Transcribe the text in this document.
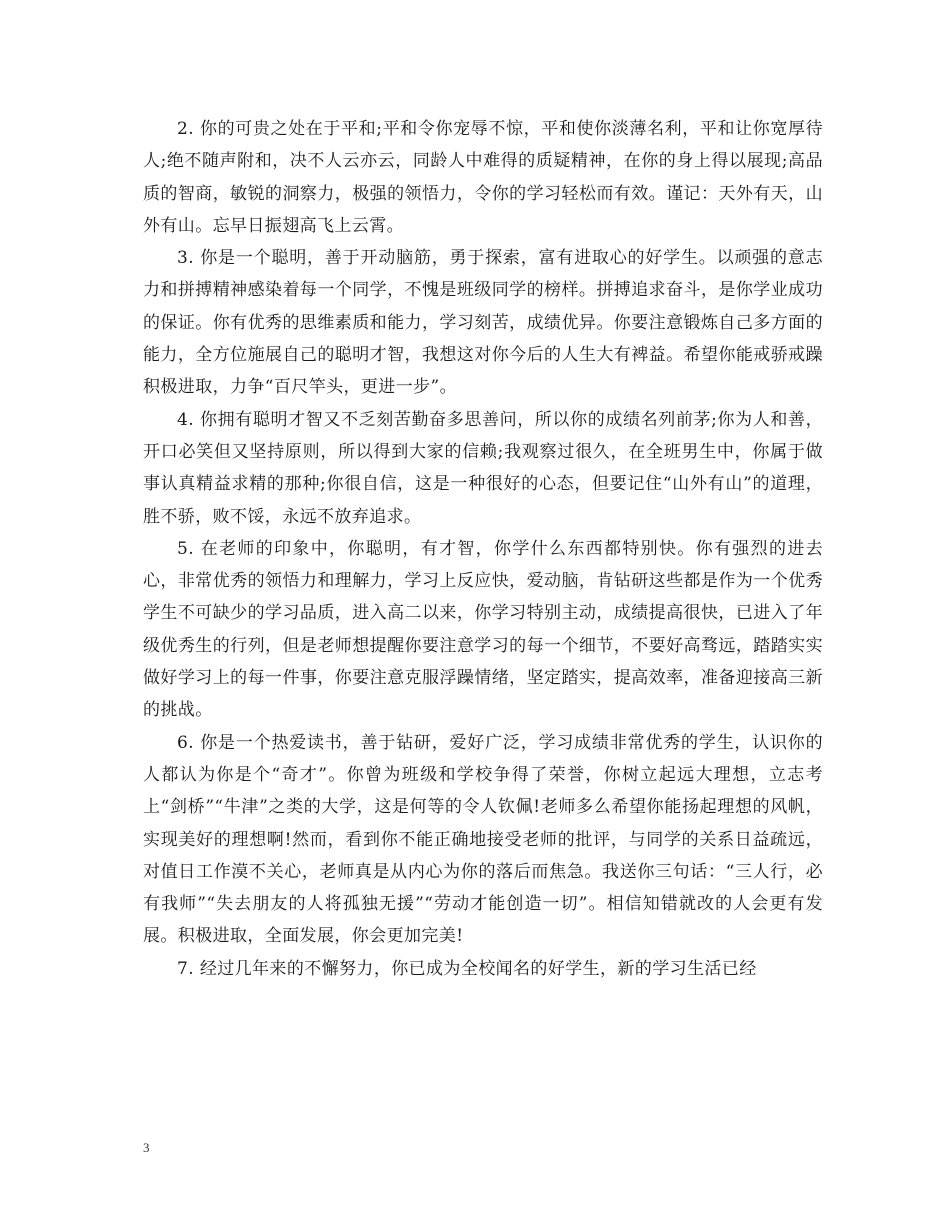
2. 你的可贵之处在于平和;平和令你宠辱不惊，平和使你淡薄名利，平和让你宽厚待人;绝不随声附和，决不人云亦云，同龄人中难得的质疑精神，在你的身上得以展现;高品质的智商，敏锐的洞察力，极强的领悟力，令你的学习轻松而有效。谨记：天外有天，山外有山。忘早日振翅高飞上云霄。

3. 你是一个聪明，善于开动脑筋，勇于探索，富有进取心的好学生。以顽强的意志力和拼搏精神感染着每一个同学，不愧是班级同学的榜样。拼搏追求奋斗，是你学业成功的保证。你有优秀的思维素质和能力，学习刻苦，成绩优异。你要注意锻炼自己多方面的能力，全方位施展自己的聪明才智，我想这对你今后的人生大有裨益。希望你能戒骄戒躁积极进取，力争“百尺竿头，更进一步”。

4. 你拥有聪明才智又不乏刻苦勤奋多思善问，所以你的成绩名列前茅;你为人和善，开口必笑但又坚持原则，所以得到大家的信赖;我观察过很久，在全班男生中，你属于做事认真精益求精的那种;你很自信，这是一种很好的心态，但要记住“山外有山”的道理，胜不骄，败不馁，永远不放弃追求。

5. 在老师的印象中，你聪明，有才智，你学什么东西都特别快。你有强烈的进去心，非常优秀的领悟力和理解力，学习上反应快，爱动脑，肯钻研这些都是作为一个优秀学生不可缺少的学习品质，进入高二以来，你学习特别主动，成绩提高很快，已进入了年级优秀生的行列，但是老师想提醒你要注意学习的每一个细节，不要好高骛远，踏踏实实做好学习上的每一件事，你要注意克服浮躁情绪，坚定踏实，提高效率，准备迎接高三新的挑战。

6. 你是一个热爱读书，善于钻研，爱好广泛，学习成绩非常优秀的学生，认识你的人都认为你是个“奇才”。你曾为班级和学校争得了荣誉，你树立起远大理想，立志考上“剑桥”“牛津”之类的大学，这是何等的令人钦佩!老师多么希望你能扬起理想的风帆，实现美好的理想啊!然而，看到你不能正确地接受老师的批评，与同学的关系日益疏远，对值日工作漠不关心，老师真是从内心为你的落后而焦急。我送你三句话：“三人行，必有我师”“失去朋友的人将孤独无援”“劳动才能创造一切”。相信知错就改的人会更有发展。积极进取，全面发展，你会更加完美!

7. 经过几年来的不懈努力，你已成为全校闻名的好学生，新的学习生活已经

3
